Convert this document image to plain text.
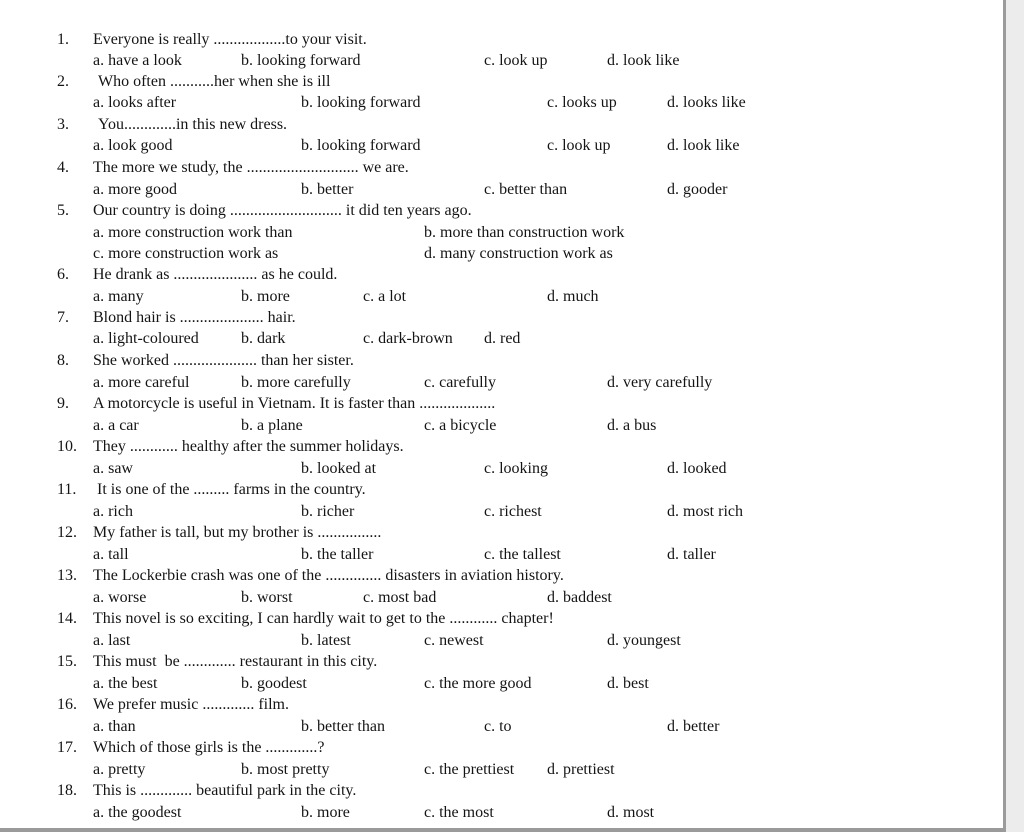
1. Everyone is really ..................to your visit.
a. have a look	b. looking forward	c. look up	d. look like
2. Who often ...........her when she is ill
a. looks after	b. looking forward	c. looks up	d. looks like
3. You.............in this new dress.
a. look good	b. looking forward	c. look up	d. look like
4. The more we study, the ............................ we are.
a. more good	b. better	c. better than	d. gooder
5. Our country is doing ............................ it did ten years ago.
a. more construction work than	b. more than construction work
c. more construction work as	d. many construction work as
6. He drank as ..................... as he could.
a. many	b. more	c. a lot	d. much
7. Blond hair is ..................... hair.
a. light-coloured	b. dark	c. dark-brown d. red
8. She worked ..................... than her sister.
a. more careful	b. more carefully	c. carefully	d. very carefully
9. A motorcycle is useful in Vietnam. It is faster than ...................
a. a car	b. a plane	c. a bicycle	d. a bus
10. They ............ healthy after the summer holidays.
a. saw	b. looked at	c. looking	d. looked
11. It is one of the ......... farms in the country.
a. rich	b. richer	c. richest	d. most rich
12. My father is tall, but my brother is ................
a. tall	b. the taller	c. the tallest	d. taller
13. The Lockerbie crash was one of the .............. disasters in aviation history.
a. worse	b. worst	c. most bad	d. baddest
14. This novel is so exciting, I can hardly wait to get to the ............ chapter!
a. last	b. latest	c. newest	d. youngest
15. This must  be ............. restaurant in this city.
a. the best	b. goodest	c. the more good	d. best
16. We prefer music ............. film.
a. than	b. better than	c. to	d. better
17. Which of those girls is the .............?
a. pretty	b. most pretty	c. the prettiest d. prettiest
18. This is ............. beautiful park in the city.
a. the goodest	b. more	c. the most	d. most
